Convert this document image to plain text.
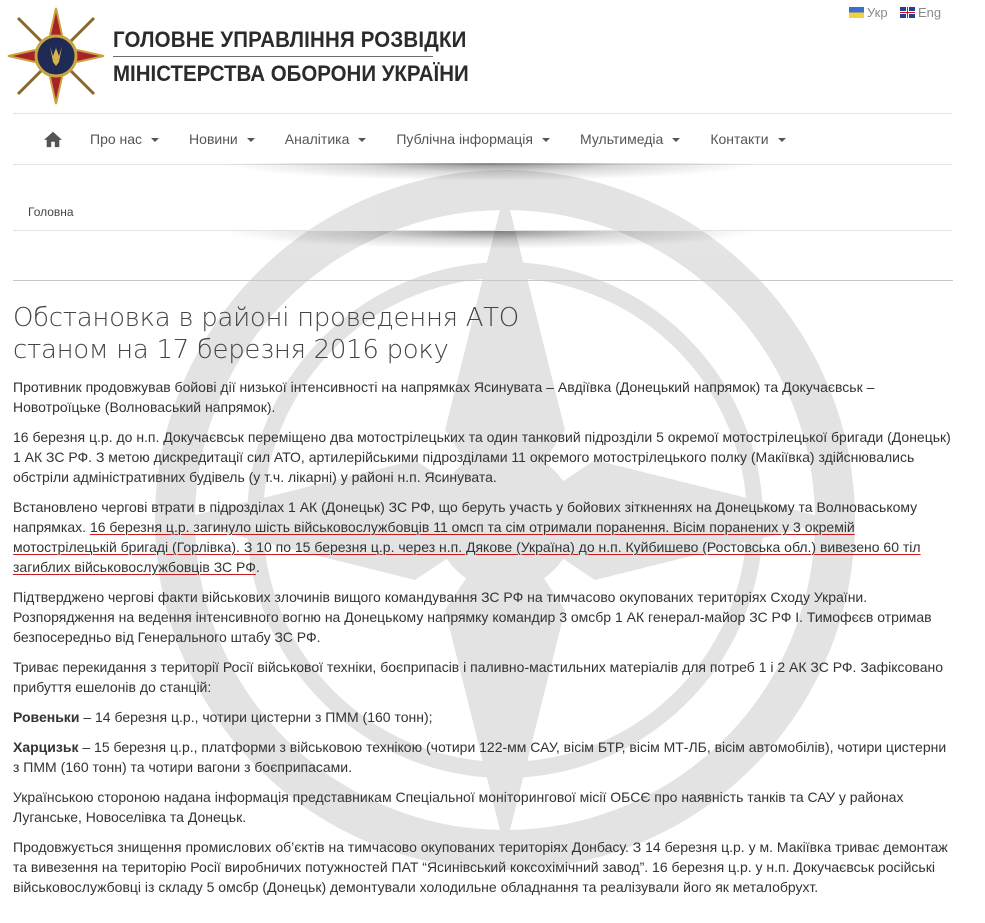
ГОЛОВНЕ УПРАВЛІННЯ РОЗВІДКИ
МІНІСТЕРСТВА ОБОРОНИ УКРАЇНИ
Укр Eng
Про нас	Новини	Аналітика	Публічна інформація	Мультимедіа	Контакти
Головна
Обстановка в районі проведення АТО
станом на 17 березня 2016 року

Противник продовжував бойові дії низької інтенсивності на напрямках Ясинувата – Авдіївка (Донецький напрямок) та Докучаєвськ – Новотроїцьке (Волноваський напрямок).

16 березня ц.р. до н.п. Докучаєвськ переміщено два мотострілецьких та один танковий підрозділи 5 окремої мотострілецької бригади (Донецьк) 1 АК ЗС РФ. З метою дискредитації сил АТО, артилерійськими підрозділами 11 окремого мотострілецького полку (Макіївка) здійснювались обстріли адміністративних будівель (у т.ч. лікарні) у районі н.п. Ясинувата.

Встановлено чергові втрати в підрозділах 1 АК (Донецьк) ЗС РФ, що беруть участь у бойових зіткненнях на Донецькому та Волноваському напрямках. 16 березня ц.р. загинуло шість військовослужбовців 11 омсп та сім отримали поранення. Вісім поранених у 3 окремій мотострілецькій бригаді (Горлівка). З 10 по 15 березня ц.р. через н.п. Дякове (Україна) до н.п. Куйбишево (Ростовська обл.) вивезено 60 тіл загиблих військовослужбовців ЗС РФ.

Підтверджено чергові факти військових злочинів вищого командування ЗС РФ на тимчасово окупованих територіях Сходу України. Розпорядження на ведення інтенсивного вогню на Донецькому напрямку командир 3 омсбр 1 АК генерал-майор ЗС РФ І. Тимофєєв отримав безпосередньо від Генерального штабу ЗС РФ.

Триває перекидання з території Росії військової техніки, боєприпасів і паливно-мастильних матеріалів для потреб 1 і 2 АК ЗС РФ. Зафіксовано прибуття ешелонів до станцій:

Ровеньки – 14 березня ц.р., чотири цистерни з ПММ (160 тонн);

Харцизьк – 15 березня ц.р., платформи з військовою технікою (чотири 122-мм САУ, вісім БТР, вісім МТ-ЛБ, вісім автомобілів), чотири цистерни з ПММ (160 тонн) та чотири вагони з боєприпасами.

Українською стороною надана інформація представникам Спеціальної моніторингової місії ОБСЄ про наявність танків та САУ у районах Луганське, Новоселівка та Донецьк.

Продовжується знищення промислових об’єктів на тимчасово окупованих територіях Донбасу. З 14 березня ц.р. у м. Макіївка триває демонтаж та вивезення на територію Росії виробничих потужностей ПАТ “Ясинівський коксохімічний завод”. 16 березня ц.р. у н.п. Докучаєвськ російські військовослужбовці із складу 5 омсбр (Донецьк) демонтували холодильне обладнання та реалізували його як металобрухт.
